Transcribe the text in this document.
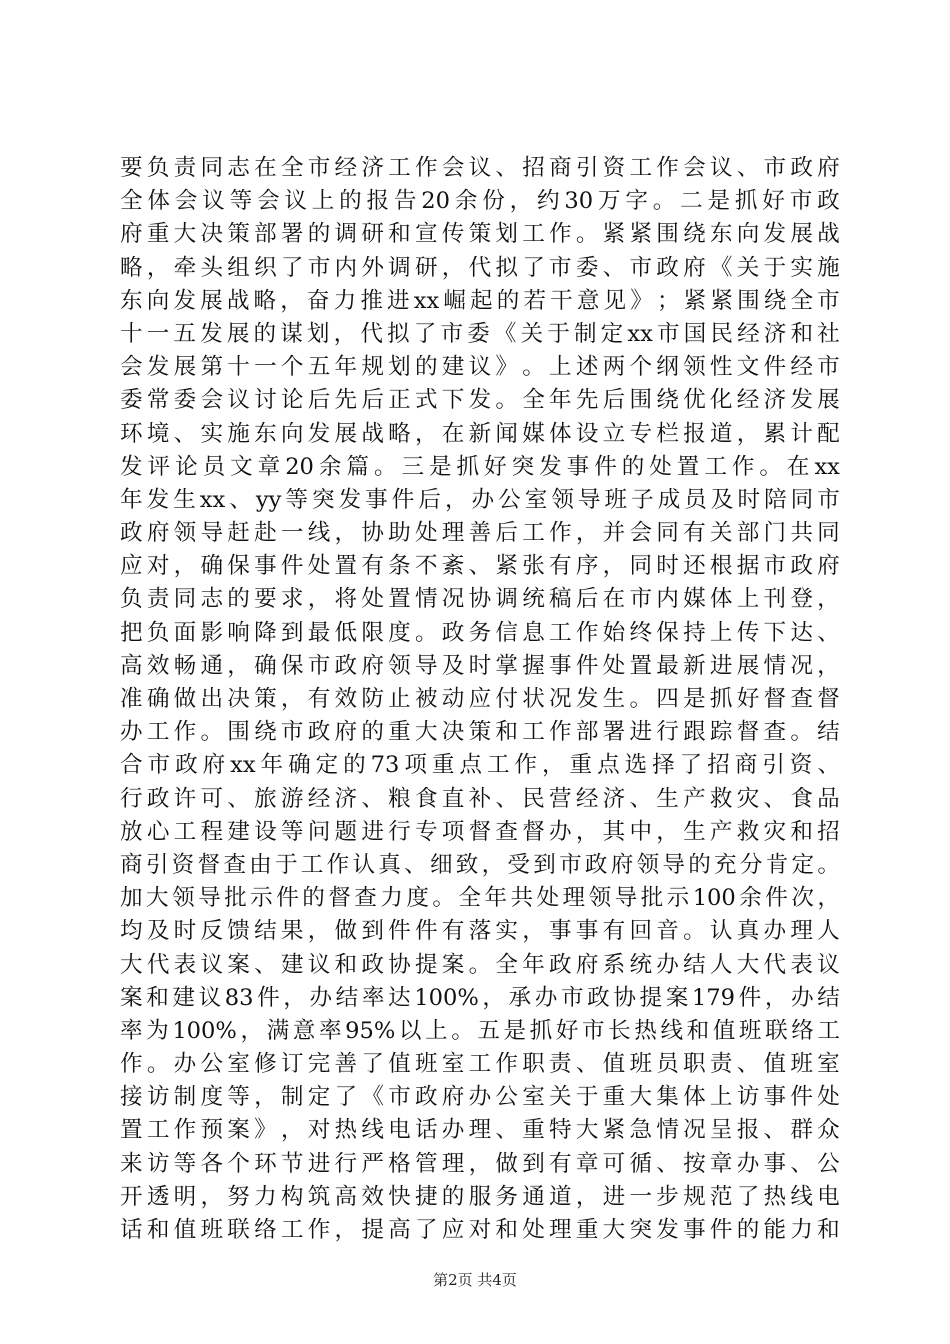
要 负 责 同 志 在 全 市 经 济 工 作 会 议 、 招 商 引 资 工 作 会 议 、 市 政 府
全 体 会 议 等 会 议 上 的 报 告 20 余 份 ， 约 30 万 字 。 二 是 抓 好 市 政
府 重 大 决 策 部 署 的 调 研 和 宣 传 策 划 工 作 。 紧 紧 围 绕 东 向 发 展 战
略 ， 牵 头 组 织 了 市 内 外 调 研 ， 代 拟 了 市 委 、 市 政 府 《 关 于 实 施
东 向 发 展 战 略 ， 奋 力 推 进 xx 崛 起 的 若 干 意 见 》 ； 紧 紧 围 绕 全 市
十 一 五 发 展 的 谋 划 ， 代 拟 了 市 委 《 关 于 制 定 xx 市 国 民 经 济 和 社
会 发 展 第 十 一 个 五 年 规 划 的 建 议 》 。 上 述 两 个 纲 领 性 文 件 经 市
委 常 委 会 议 讨 论 后 先 后 正 式 下 发 。 全 年 先 后 围 绕 优 化 经 济 发 展
环 境 、 实 施 东 向 发 展 战 略 ， 在 新 闻 媒 体 设 立 专 栏 报 道 ， 累 计 配
发 评 论 员 文 章 20 余 篇 。 三 是 抓 好 突 发 事 件 的 处 置 工 作 。 在 xx
年 发 生 xx 、 yy 等 突 发 事 件 后 ， 办 公 室 领 导 班 子 成 员 及 时 陪 同 市
政 府 领 导 赶 赴 一 线 ， 协 助 处 理 善 后 工 作 ， 并 会 同 有 关 部 门 共 同
应 对 ， 确 保 事 件 处 置 有 条 不 紊 、 紧 张 有 序 ， 同 时 还 根 据 市 政 府
负 责 同 志 的 要 求 ， 将 处 置 情 况 协 调 统 稿 后 在 市 内 媒 体 上 刊 登 ，
把 负 面 影 响 降 到 最 低 限 度 。 政 务 信 息 工 作 始 终 保 持 上 传 下 达 、
高 效 畅 通 ， 确 保 市 政 府 领 导 及 时 掌 握 事 件 处 置 最 新 进 展 情 况 ，
准 确 做 出 决 策 ， 有 效 防 止 被 动 应 付 状 况 发 生 。 四 是 抓 好 督 查 督
办 工 作 。 围 绕 市 政 府 的 重 大 决 策 和 工 作 部 署 进 行 跟 踪 督 查 。 结
合 市 政 府 xx 年 确 定 的 73 项 重 点 工 作 ， 重 点 选 择 了 招 商 引 资 、
行 政 许 可 、 旅 游 经 济 、 粮 食 直 补 、 民 营 经 济 、 生 产 救 灾 、 食 品
放 心 工 程 建 设 等 问 题 进 行 专 项 督 查 督 办 ， 其 中 ， 生 产 救 灾 和 招
商 引 资 督 查 由 于 工 作 认 真 、 细 致 ， 受 到 市 政 府 领 导 的 充 分 肯 定 。
加 大 领 导 批 示 件 的 督 查 力 度 。 全 年 共 处 理 领 导 批 示 100 余 件 次 ，
均 及 时 反 馈 结 果 ， 做 到 件 件 有 落 实 ， 事 事 有 回 音 。 认 真 办 理 人
大 代 表 议 案 、 建 议 和 政 协 提 案 。 全 年 政 府 系 统 办 结 人 大 代 表 议
案 和 建 议 83 件 ， 办 结 率 达 100% ， 承 办 市 政 协 提 案 179 件 ， 办 结
率 为 100% ， 满 意 率 95% 以 上 。 五 是 抓 好 市 长 热 线 和 值 班 联 络 工
作 。 办 公 室 修 订 完 善 了 值 班 室 工 作 职 责 、 值 班 员 职 责 、 值 班 室
接 访 制 度 等 ， 制 定 了 《 市 政 府 办 公 室 关 于 重 大 集 体 上 访 事 件 处
置 工 作 预 案 》 ， 对 热 线 电 话 办 理 、 重 特 大 紧 急 情 况 呈 报 、 群 众
来 访 等 各 个 环 节 进 行 严 格 管 理 ， 做 到 有 章 可 循 、 按 章 办 事 、 公
开 透 明 ， 努 力 构 筑 高 效 快 捷 的 服 务 通 道 ， 进 一 步 规 范 了 热 线 电
话 和 值 班 联 络 工 作 ， 提 高 了 应 对 和 处 理 重 大 突 发 事 件 的 能 力 和
第2页 共4页
